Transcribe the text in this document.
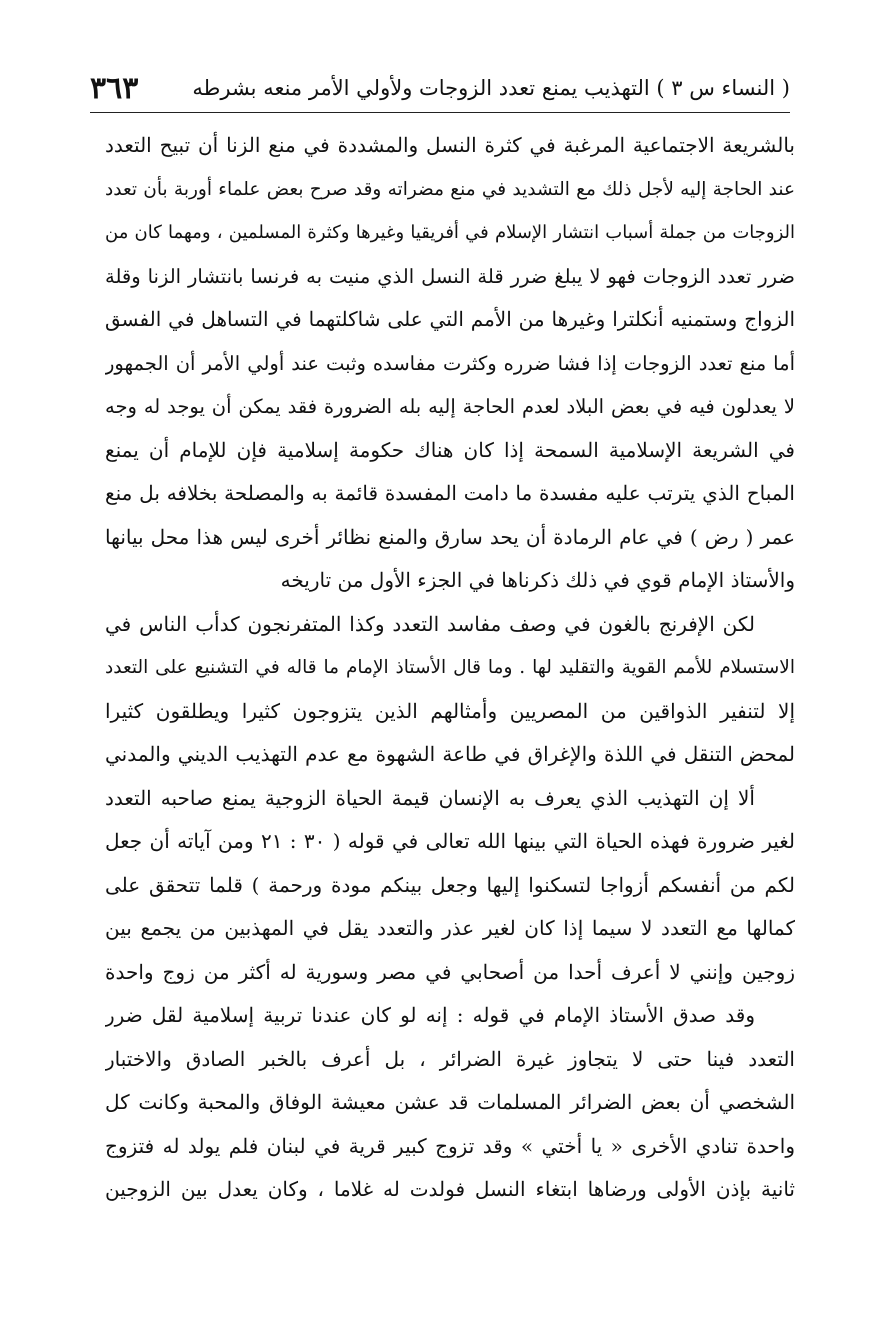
( النساء س ٣ ) التهذيب يمنع تعدد الزوجات ولأولي الأمر منعه بشرطه
٣٦٣
بالشريعة الاجتماعية المرغبة في كثرة النسل والمشددة في منع الزنا أن تبيح التعدد
عند الحاجة إليه لأجل ذلك مع التشديد في منع مضراته وقد صرح بعض علماء أوربة بأن تعدد
الزوجات من جملة أسباب انتشار الإسلام في أفريقيا وغيرها وكثرة المسلمين ، ومهما كان من
ضرر تعدد الزوجات فهو لا يبلغ ضرر قلة النسل الذي منيت به فرنسا بانتشار الزنا وقلة
الزواج وستمنيه أنكلترا وغيرها من الأمم التي على شاكلتهما في التساهل في الفسق
أما منع تعدد الزوجات إذا فشا ضرره وكثرت مفاسده وثبت عند أولي الأمر أن الجمهور
لا يعدلون فيه في بعض البلاد لعدم الحاجة إليه بله الضرورة فقد يمكن أن يوجد له وجه
في الشريعة الإسلامية السمحة إذا كان هناك حكومة إسلامية فإن للإمام أن يمنع
المباح الذي يترتب عليه مفسدة ما دامت المفسدة قائمة به والمصلحة بخلافه بل منع
عمر ( رض ) في عام الرمادة أن يحد سارق والمنع نظائر أخرى ليس هذا محل بيانها
والأستاذ الإمام قوي في ذلك ذكرناها في الجزء الأول من تاريخه
لكن الإفرنج بالغون في وصف مفاسد التعدد وكذا المتفرنجون كدأب الناس في
الاستسلام للأمم القوية والتقليد لها . وما قال الأستاذ الإمام ما قاله في التشنيع على التعدد
إلا لتنفير الذواقين من المصريين وأمثالهم الذين يتزوجون كثيرا ويطلقون كثيرا
لمحض التنقل في اللذة والإغراق في طاعة الشهوة مع عدم التهذيب الديني والمدني
ألا إن التهذيب الذي يعرف به الإنسان قيمة الحياة الزوجية يمنع صاحبه التعدد
لغير ضرورة فهذه الحياة التي بينها الله تعالى في قوله ( ٣٠ : ٢١ ومن آياته أن جعل
لكم من أنفسكم أزواجا لتسكنوا إليها وجعل بينكم مودة ورحمة ) قلما تتحقق على
كمالها مع التعدد لا سيما إذا كان لغير عذر والتعدد يقل في المهذبين من يجمع بين
زوجين وإنني لا أعرف أحدا من أصحابي في مصر وسورية له أكثر من زوج واحدة
وقد صدق الأستاذ الإمام في قوله : إنه لو كان عندنا تربية إسلامية لقل ضرر
التعدد فينا حتى لا يتجاوز غيرة الضرائر ، بل أعرف بالخبر الصادق والاختبار
الشخصي أن بعض الضرائر المسلمات قد عشن معيشة الوفاق والمحبة وكانت كل
واحدة تنادي الأخرى « يا أختي » وقد تزوج كبير قرية في لبنان فلم يولد له فتزوج
ثانية بإذن الأولى ورضاها ابتغاء النسل فولدت له غلاما ، وكان يعدل بين الزوجين
